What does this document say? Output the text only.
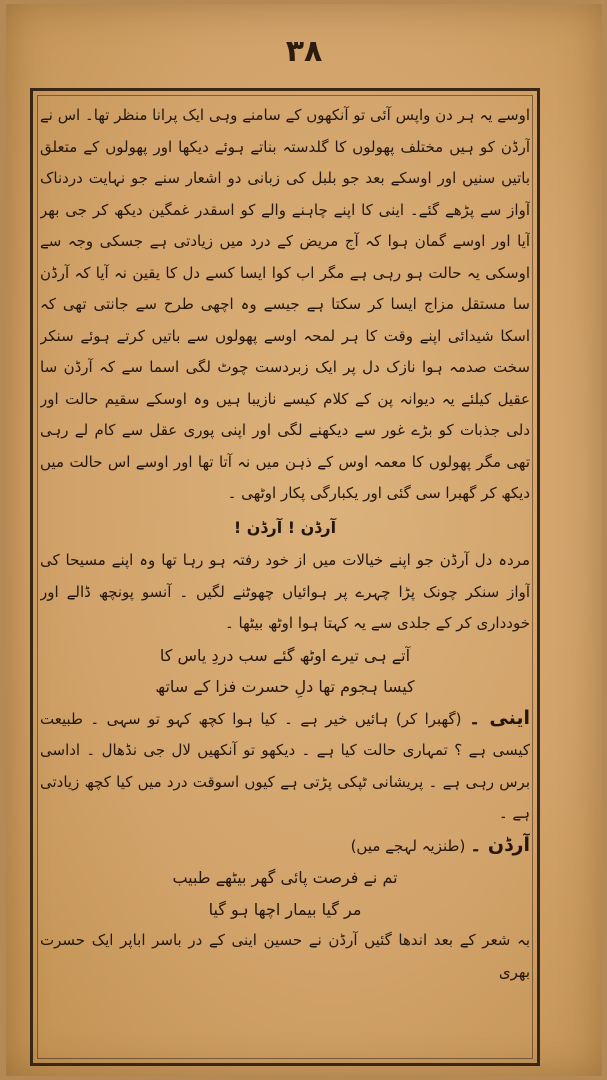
۳۸

اوسے یہ ہر دن واپس آئی تو آنکھوں کے سامنے وہی ایک پرانا منظر تھا۔ اس نے آرڈن کو ہیں مختلف پھولوں کا گلدستہ بناتے ہوئے دیکھا اور پھولوں کے متعلق باتیں سنیں اور اوسکے بعد جو بلبل کی زبانی دو اشعار سنے جو نہایت دردناک آواز سے پڑھے گئے۔ اینی کا اپنے چاہنے والے کو اسقدر غمگین دیکھ کر جی بھر آیا اور اوسے گمان ہوا کہ آج مریض کے درد میں زیادتی ہے جسکی وجہ سے اوسکی یہ حالت ہو رہی ہے مگر اب کوا ایسا کسے دل کا یقین نہ آیا کہ آرڈن سا مستقل مزاج ایسا کر سکتا ہے جیسے وہ اچھی طرح سے جانتی تھی کہ اسکا شیدائی اپنے وقت کا ہر لمحہ اوسے پھولوں سے باتیں کرتے ہوئے سنکر سخت صدمہ ہوا نازک دل پر ایک زبردست چوٹ لگی اسما سے کہ آرڈن سا عقیل کیلئے یہ دیوانہ پن کے کلام کیسے نازیبا ہیں وہ اوسکے سقیم حالت اور دلی جذبات کو بڑے غور سے دیکھنے لگی اور اپنی پوری عقل سے کام لے رہی تھی مگر پھولوں کا معمہ اوس کے ذہن میں نہ آتا تھا اور اوسے اس حالت میں دیکھ کر گھبرا سی گئی اور یکبارگی پکار اوٹھی ۔

آرڈن ! آرڈن !

مردہ دل آرڈن جو اپنے خیالات میں از خود رفتہ ہو رہا تھا وہ اپنے مسیحا کی آواز سنکر چونک پڑا چہرے پر ہوائیاں چھوٹنے لگیں ۔ آنسو پونچھ ڈالے اور خودداری کر کے جلدی سے یہ کہتا ہوا اوٹھ بیٹھا ۔

آتے ہی تیرے اوٹھ گئے سب دردِ یاس کا

کیسا ہجوم تھا دلِ حسرت فزا کے ساتھ

اینی ۔ (گھبرا کر) ہائیں خیر ہے ۔ کیا ہوا کچھ کہو تو سہی ۔ طبیعت کیسی ہے ؟ تمہاری حالت کیا ہے ۔ دیکھو تو آنکھیں لال جی نڈھال ۔ اداسی برس رہی ہے ۔ پریشانی ٹپکی پڑتی ہے کیوں اسوقت درد میں کیا کچھ زیادتی ہے ۔

آرڈن ۔ (طنزیہ لہجے میں)

تم نے فرصت پائی گھر بیٹھے طبیب

مر گیا بیمار اچھا ہو گیا

بہ شعر کے بعد اندھا گئیں آرڈن نے حسین اینی کے در باسر اباپر ایک حسرت بھری
